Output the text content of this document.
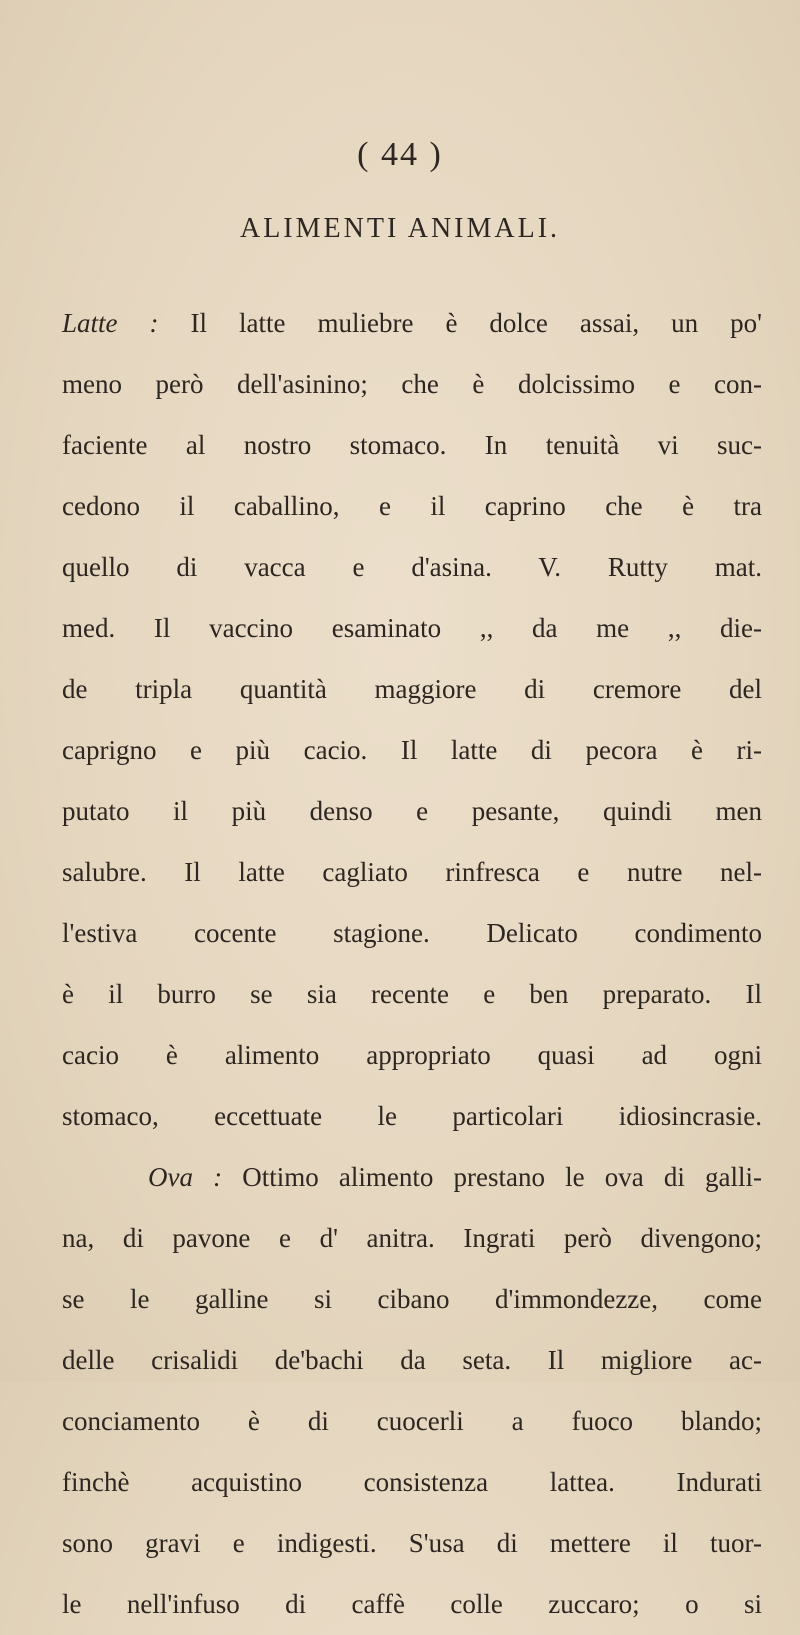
( 44 )
ALIMENTI ANIMALI.
Latte : Il latte muliebre è dolce assai, un po'
meno però dell'asinino; che è dolcissimo e con-
faciente al nostro stomaco. In tenuità vi suc-
cedono il caballino, e il caprino che è tra
quello di vacca e d'asina. V. Rutty mat.
med. Il vaccino esaminato ,, da me ,, die-
de tripla quantità maggiore di cremore del
caprigno e più cacio. Il latte di pecora è ri-
putato il più denso e pesante, quindi men
salubre. Il latte cagliato rinfresca e nutre nel-
l'estiva cocente stagione. Delicato condimento
è il burro se sia recente e ben preparato. Il
cacio è alimento appropriato quasi ad ogni
stomaco, eccettuate le particolari idiosincrasie.
Ova : Ottimo alimento prestano le ova di galli-
na, di pavone e d' anitra. Ingrati però divengono;
se le galline si cibano d'immondezze, come
delle crisalidi de'bachi da seta. Il migliore ac-
conciamento è di cuocerli a fuoco blando;
finchè acquistino consistenza lattea. Indurati
sono gravi e indigesti. S'usa di mettere il tuor-
le nell'infuso di caffè colle zuccaro; o si
